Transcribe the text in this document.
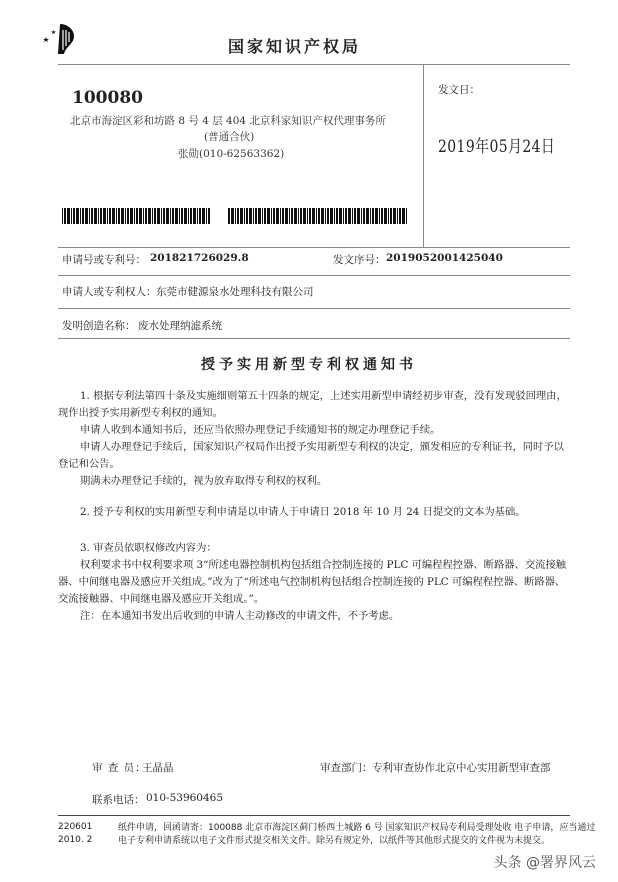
国家知识产权局
100080
北京市海淀区彩和坊路 8 号 4 层 404 北京科家知识产权代理事务所
(普通合伙)
张勋(010-62563362)
发文日：
2019年05月24日
申请号或专利号： 201821726029.8	发文序号： 2019052001425040
申请人或专利权人： 东莞市健源泉水处理科技有限公司
发明创造名称： 废水处理纳滤系统
授予实用新型专利权通知书

1. 根据专利法第四十条及实施细则第五十四条的规定，上述实用新型申请经初步审查，没有发现驳回理由，现作出授予实用新型专利权的通知。

申请人收到本通知书后，还应当依照办理登记手续通知书的规定办理登记手续。

申请人办理登记手续后，国家知识产权局作出授予实用新型专利权的决定，颁发相应的专利证书，同时予以登记和公告。

期满未办理登记手续的，视为放弃取得专利权的权利。

2. 授予专利权的实用新型专利申请是以申请人于申请日 2018 年 10 月 24 日提交的文本为基础。

3. 审查员依职权修改内容为：

权利要求书中权利要求项 3“所述电器控制机构包括组合控制连接的 PLC 可编程程控器、断路器、交流接触器、中间继电器及感应开关组成。”改为了“所述电气控制机构包括组合控制连接的 PLC 可编程程控器、断路器、交流接触器、中间继电器及感应开关组成。”。

注：在本通知书发出后收到的申请人主动修改的申请文件，不予考虑。

审 查 员：
王晶晶	审查部门： 专利审查协作北京中心实用新型审查部
联系电话： 010-53960465
220601
2010. 2
纸件申请，回函请寄：100088 北京市海淀区蓟门桥西土城路 6 号 国家知识产权局专利局受理处收 电子申请，应当通过电子专利申请系统以电子文件形式提交相关文件。除另有规定外，以纸件等其他形式提交的文件视为未提交。
头条 @署界风云
